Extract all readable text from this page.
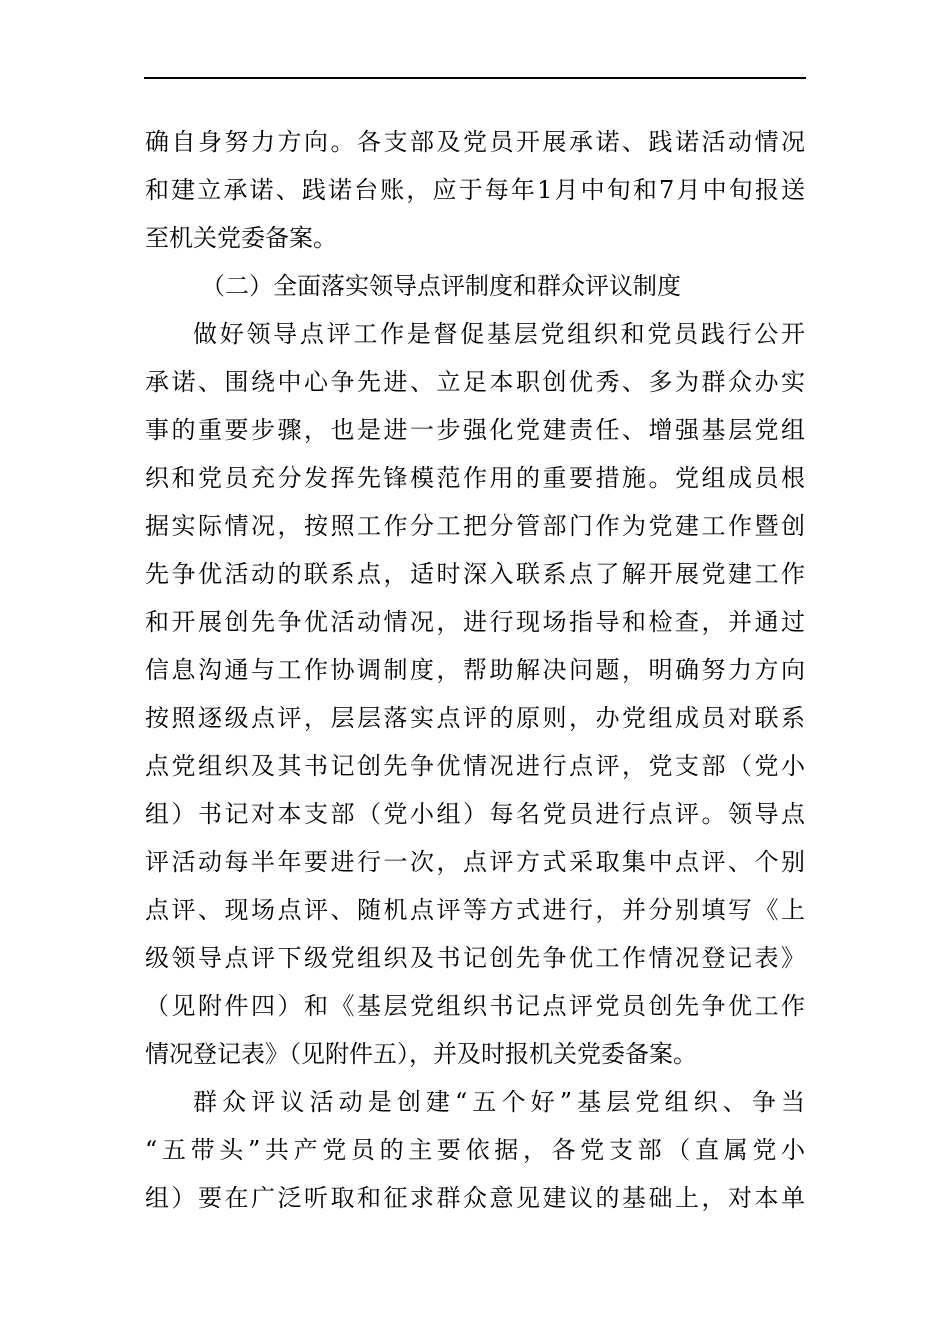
确自身努力方向。各支部及党员开展承诺、践诺活动情况
和建立承诺、践诺台账，应于每年1月中旬和7月中旬报送
至机关党委备案。
（二）全面落实领导点评制度和群众评议制度
做好领导点评工作是督促基层党组织和党员践行公开
承诺、围绕中心争先进、立足本职创优秀、多为群众办实
事的重要步骤，也是进一步强化党建责任、增强基层党组
织和党员充分发挥先锋模范作用的重要措施。党组成员根
据实际情况，按照工作分工把分管部门作为党建工作暨创
先争优活动的联系点，适时深入联系点了解开展党建工作
和开展创先争优活动情况，进行现场指导和检查，并通过
信息沟通与工作协调制度，帮助解决问题，明确努力方向
按照逐级点评，层层落实点评的原则，办党组成员对联系
点党组织及其书记创先争优情况进行点评，党支部（党小
组）书记对本支部（党小组）每名党员进行点评。领导点
评活动每半年要进行一次，点评方式采取集中点评、个别
点评、现场点评、随机点评等方式进行，并分别填写《上
级领导点评下级党组织及书记创先争优工作情况登记表》
（见附件四）和《基层党组织书记点评党员创先争优工作
情况登记表》（见附件五），并及时报机关党委备案。
群众评议活动是创建“五个好”基层党组织、争当
“五带头”共产党员的主要依据，各党支部（直属党小
组）要在广泛听取和征求群众意见建议的基础上，对本单
